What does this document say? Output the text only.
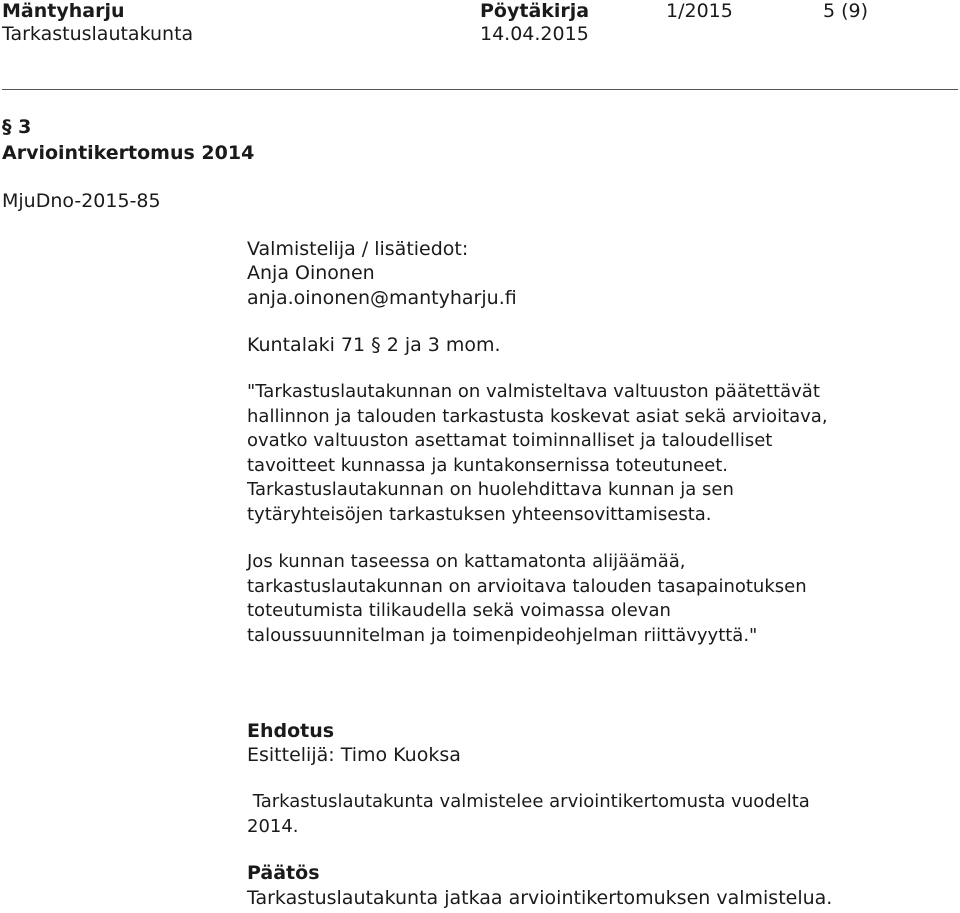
Mäntyharju
Tarkastuslautakunta
Pöytäkirja
14.04.2015
1/2015	5 (9)
§ 3
Arviointikertomus 2014
MjuDno-2015-85
Valmistelija / lisätiedot:
Anja Oinonen
anja.oinonen@mantyharju.fi
Kuntalaki 71 § 2 ja 3 mom.
"Tarkastuslautakunnan on valmisteltava valtuuston päätettävät
hallinnon ja talouden tarkastusta koskevat asiat sekä arvioitava,
ovatko valtuuston asettamat toiminnalliset ja taloudelliset
tavoitteet kunnassa ja kuntakonsernissa toteutuneet.
Tarkastuslautakunnan on huolehdittava kunnan ja sen
tytäryhteisöjen tarkastuksen yhteensovittamisesta.
Jos kunnan taseessa on kattamatonta alijäämää,
tarkastuslautakunnan on arvioitava talouden tasapainotuksen
toteutumista tilikaudella sekä voimassa olevan
taloussuunnitelman ja toimenpideohjelman riittävyyttä."
Ehdotus
Esittelijä: Timo Kuoksa
Tarkastuslautakunta valmistelee arviointikertomusta vuodelta
2014.
Päätös
Tarkastuslautakunta jatkaa arviointikertomuksen valmistelua.
